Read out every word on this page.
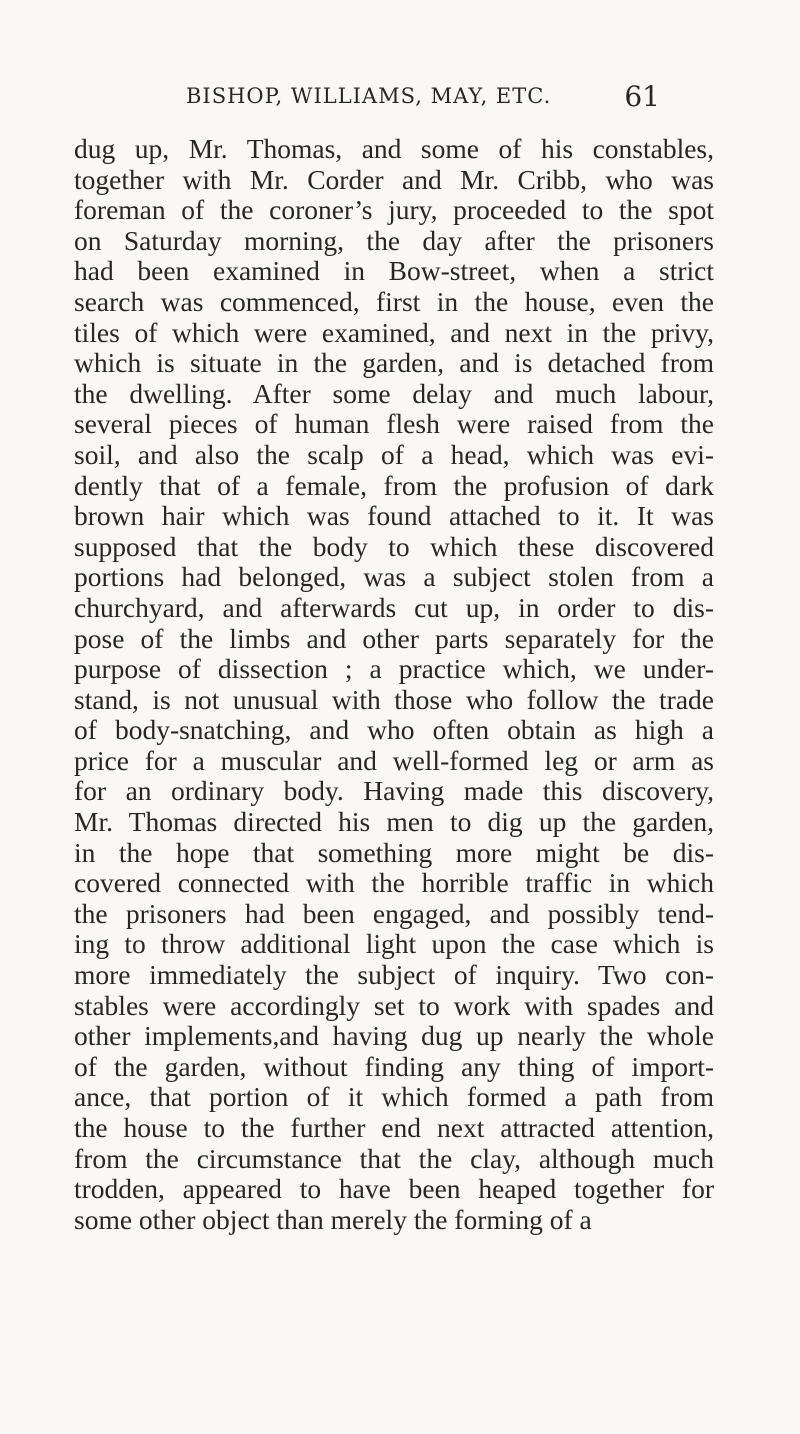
BISHOP, WILLIAMS, MAY, ETC.	61
dug up, Mr. Thomas, and some of his constables,
together with Mr. Corder and Mr. Cribb, who was
foreman of the coroner’s jury, proceeded to the spot
on Saturday morning, the day after the prisoners
had been examined in Bow-street, when a strict
search was commenced, first in the house, even the
tiles of which were examined, and next in the privy,
which is situate in the garden, and is detached from
the dwelling. After some delay and much labour,
several pieces of human flesh were raised from the
soil, and also the scalp of a head, which was evi-
dently that of a female, from the profusion of dark
brown hair which was found attached to it. It was
supposed that the body to which these discovered
portions had belonged, was a subject stolen from a
churchyard, and afterwards cut up, in order to dis-
pose of the limbs and other parts separately for the
purpose of dissection ; a practice which, we under-
stand, is not unusual with those who follow the trade
of body-snatching, and who often obtain as high a
price for a muscular and well-formed leg or arm as
for an ordinary body. Having made this discovery,
Mr. Thomas directed his men to dig up the garden,
in the hope that something more might be dis-
covered connected with the horrible traffic in which
the prisoners had been engaged, and possibly tend-
ing to throw additional light upon the case which is
more immediately the subject of inquiry. Two con-
stables were accordingly set to work with spades and
other implements,and having dug up nearly the whole
of the garden, without finding any thing of import-
ance, that portion of it which formed a path from
the house to the further end next attracted attention,
from the circumstance that the clay, although much
trodden, appeared to have been heaped together for
some other object than merely the forming of a
